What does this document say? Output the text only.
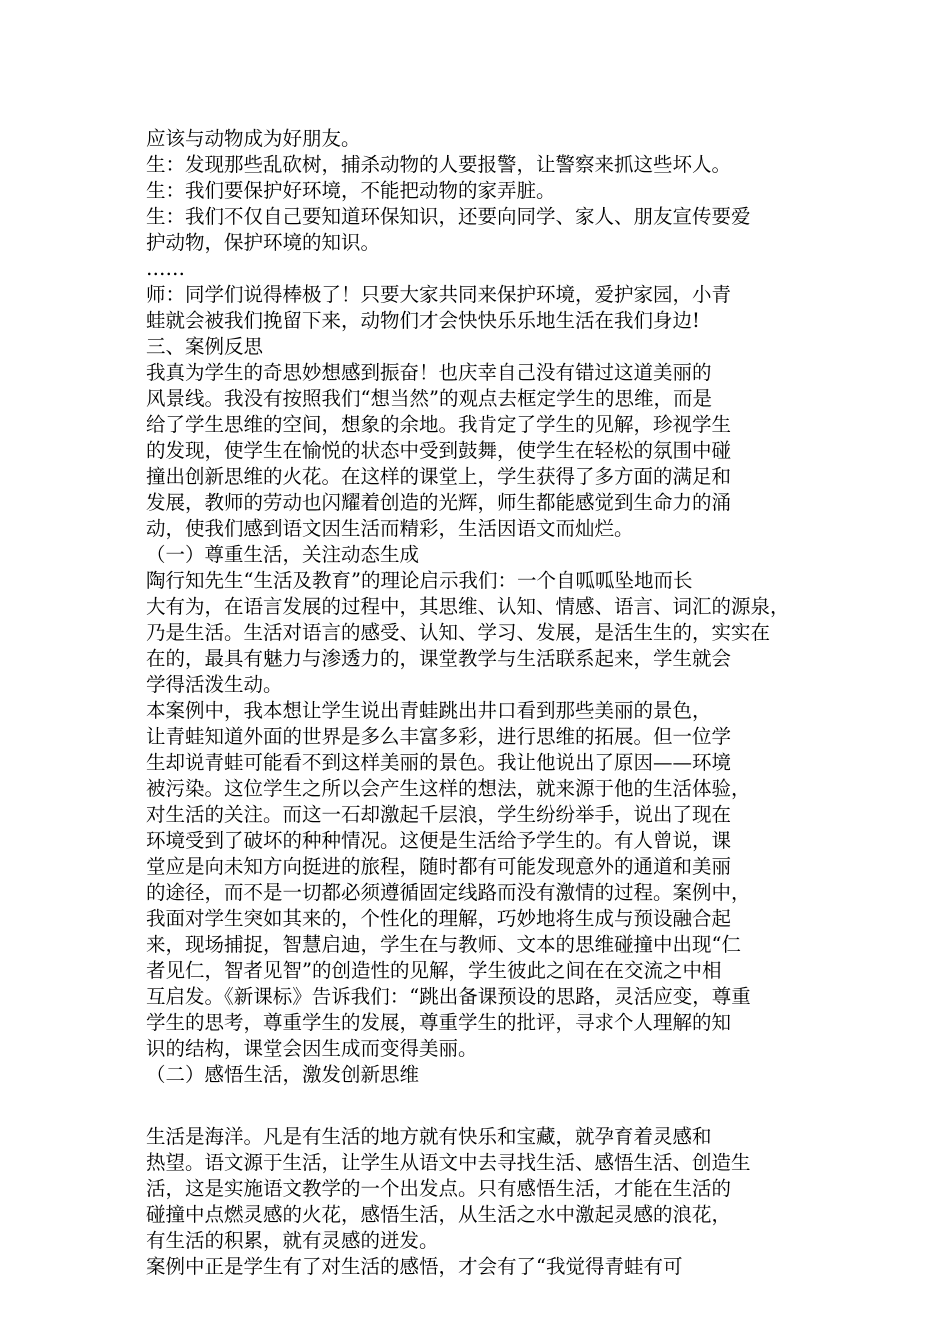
应该与动物成为好朋友。
生：发现那些乱砍树，捕杀动物的人要报警，让警察来抓这些坏人。
生：我们要保护好环境，不能把动物的家弄脏。
生：我们不仅自己要知道环保知识，还要向同学、家人、朋友宣传要爱
护动物，保护环境的知识。
……
师：同学们说得棒极了！只要大家共同来保护环境，爱护家园，小青
蛙就会被我们挽留下来，动物们才会快快乐乐地生活在我们身边!
三、案例反思
我真为学生的奇思妙想感到振奋！也庆幸自己没有错过这道美丽的
风景线。我没有按照我们“想当然”的观点去框定学生的思维，而是
给了学生思维的空间，想象的余地。我肯定了学生的见解，珍视学生
的发现，使学生在愉悦的状态中受到鼓舞，使学生在轻松的氛围中碰
撞出创新思维的火花。在这样的课堂上，学生获得了多方面的满足和
发展，教师的劳动也闪耀着创造的光辉，师生都能感觉到生命力的涌
动，使我们感到语文因生活而精彩，生活因语文而灿烂。
（一）尊重生活，关注动态生成
陶行知先生“生活及教育”的理论启示我们：一个自呱呱坠地而长
大有为，在语言发展的过程中，其思维、认知、情感、语言、词汇的源泉，
乃是生活。生活对语言的感受、认知、学习、发展，是活生生的，实实在
在的，最具有魅力与渗透力的，课堂教学与生活联系起来，学生就会
学得活泼生动。
本案例中，我本想让学生说出青蛙跳出井口看到那些美丽的景色，
让青蛙知道外面的世界是多么丰富多彩，进行思维的拓展。但一位学
生却说青蛙可能看不到这样美丽的景色。我让他说出了原因——环境
被污染。这位学生之所以会产生这样的想法，就来源于他的生活体验，
对生活的关注。而这一石却激起千层浪，学生纷纷举手，说出了现在
环境受到了破坏的种种情况。这便是生活给予学生的。有人曾说，课
堂应是向未知方向挺进的旅程，随时都有可能发现意外的通道和美丽
的途径，而不是一切都必须遵循固定线路而没有激情的过程。案例中，
我面对学生突如其来的，个性化的理解，巧妙地将生成与预设融合起
来，现场捕捉，智慧启迪，学生在与教师、文本的思维碰撞中出现“仁
者见仁，智者见智”的创造性的见解，学生彼此之间在在交流之中相
互启发。《新课标》告诉我们：“跳出备课预设的思路，灵活应变，尊重
学生的思考，尊重学生的发展，尊重学生的批评，寻求个人理解的知
识的结构，课堂会因生成而变得美丽。
（二）感悟生活，激发创新思维
生活是海洋。凡是有生活的地方就有快乐和宝藏，就孕育着灵感和
热望。语文源于生活，让学生从语文中去寻找生活、感悟生活、创造生
活，这是实施语文教学的一个出发点。只有感悟生活，才能在生活的
碰撞中点燃灵感的火花，感悟生活，从生活之水中激起灵感的浪花，
有生活的积累，就有灵感的迸发。
案例中正是学生有了对生活的感悟，才会有了“我觉得青蛙有可
